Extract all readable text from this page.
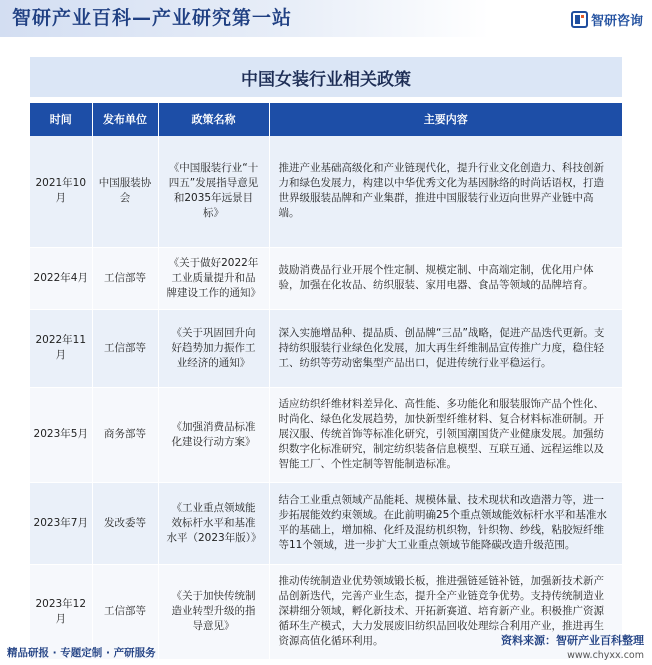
智研产业百科—产业研究第一站	智研咨询
中国女装行业相关政策
时间	发布单位	政策名称	主要内容
2021年10月	中国服装协会	《中国服装行业“十四五”发展指导意见和2035年远景目标》	推进产业基础高级化和产业链现代化，提升行业文化创造力、科技创新力和绿色发展力，构建以中华优秀文化为基因脉络的时尚话语权，打造世界级服装品牌和产业集群，推进中国服装行业迈向世界产业链中高端。
2022年4月	工信部等	《关于做好2022年工业质量提升和品牌建设工作的通知》	鼓励消费品行业开展个性定制、规模定制、中高端定制，优化用户体验，加强在化妆品、纺织服装、家用电器、食品等领域的品牌培育。
2022年11月	工信部等	《关于巩固回升向好趋势加力振作工业经济的通知》	深入实施增品种、提品质、创品牌“三品”战略，促进产品迭代更新。支持纺织服装行业绿色化发展，加大再生纤维制品宣传推广力度，稳住轻工、纺织等劳动密集型产品出口，促进传统行业平稳运行。
2023年5月	商务部等	《加强消费品标准化建设行动方案》	适应纺织纤维材料差异化、高性能、多功能化和服装服饰产品个性化、时尚化、绿色化发展趋势，加快新型纤维材料、复合材料标准研制。开展汉服、传统首饰等标准化研究，引领国潮国货产业健康发展。加强纺织数字化标准研究，制定纺织装备信息模型、互联互通、远程运维以及智能工厂、个性定制等智能制造标准。
2023年7月	发改委等	《工业重点领域能效标杆水平和基准水平（2023年版）》	结合工业重点领域产品能耗、规模体量、技术现状和改造潜力等，进一步拓展能效约束领域。在此前明确25个重点领域能效标杆水平和基准水平的基础上，增加棉、化纤及混纺机织物，针织物、纱线，粘胶短纤维等11个领域，进一步扩大工业重点领域节能降碳改造升级范围。
2023年12月	工信部等	《关于加快传统制造业转型升级的指导意见》	推动传统制造业优势领域锻长板，推进强链延链补链，加强新技术新产品创新迭代，完善产业生态，提升全产业链竞争优势。支持传统制造业深耕细分领域，孵化新技术、开拓新赛道、培育新产业。积极推广资源循环生产模式，大力发展废旧纺织品回收处理综合利用产业，推进再生资源高值化循环利用。	资料来源：智研产业百科整理
精品研报 · 专题定制 · 产研服务	www.chyxx.com
